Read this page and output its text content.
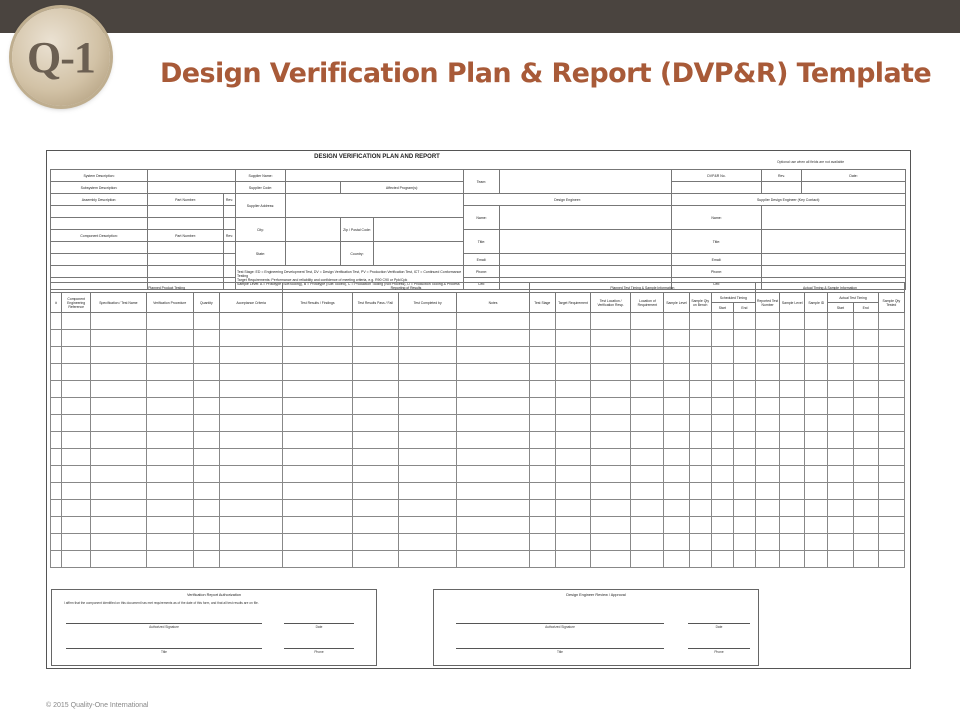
Q-1	Design Verification Plan & Report (DVP&R) Template
DESIGN VERIFICATION PLAN AND REPORT
Optional use when all fields are not available
System Description:			Supplier Name:				Team:		DVP&R No.	Rev.	Date:
Subsystem Description:			Supplier Code:		Affected Program(s):						
Assembly Description:	Part Number:	Rev:	Supplier Address:				Design Engineer:		Supplier Design Engineer (Key Contact):		
							Name:		Name:		
			City:		Zip / Postal Code:						
Component Description:	Part Number:	Rev:					Title:		Title:		
			State:		Country:						
							Email:		Email:		

			Test Stage: ED = Engineering Development Test, DV = Design Verification Test, PV = Production Verification Test, ICT = Continued Conformance Testing
Target Requirements: Performance and reliability and confidence of meeting criteria, e.g. R90 C90 or Ppk/Cpk
Sample Level: A = Prototype (Soft tooling), B = Prototype (Soft Tooled), C = Production Tooling (Not Process), D = Production Tooling & Process				Phone:		Phone:		
							Cell:		Cell:		
Planned Product Testing						Reporting of Results				Planned Test Timing & Sample Information								Actual Timing & Sample Information					
#	Component Engineering Reference	Specification / Test Name	Verification Procedure	Quantity	Acceptance Criteria	Test Results / Findings	Test Results Pass / Fail	Test Completed by	Notes	Test Stage	Target Requirement	Test Location / Verification Resp.	Location of Requirement	Sample Level	Sample Qty on Bench	Scheduled Timing		Reported Test Number	Sample Level	Sample ID	Actual Test Timing		Sample Qty Tested
																Start	End				Start	End	

Verification Report Authorization
I affirm that the component identified on this document has met requirements as of the date of this form, and that all test results are on file.
Authorized Signature	Date
Title	Phone
Design Engineer Review / Approval
Authorized Signature	Date
Title	Phone
© 2015 Quality-One International
